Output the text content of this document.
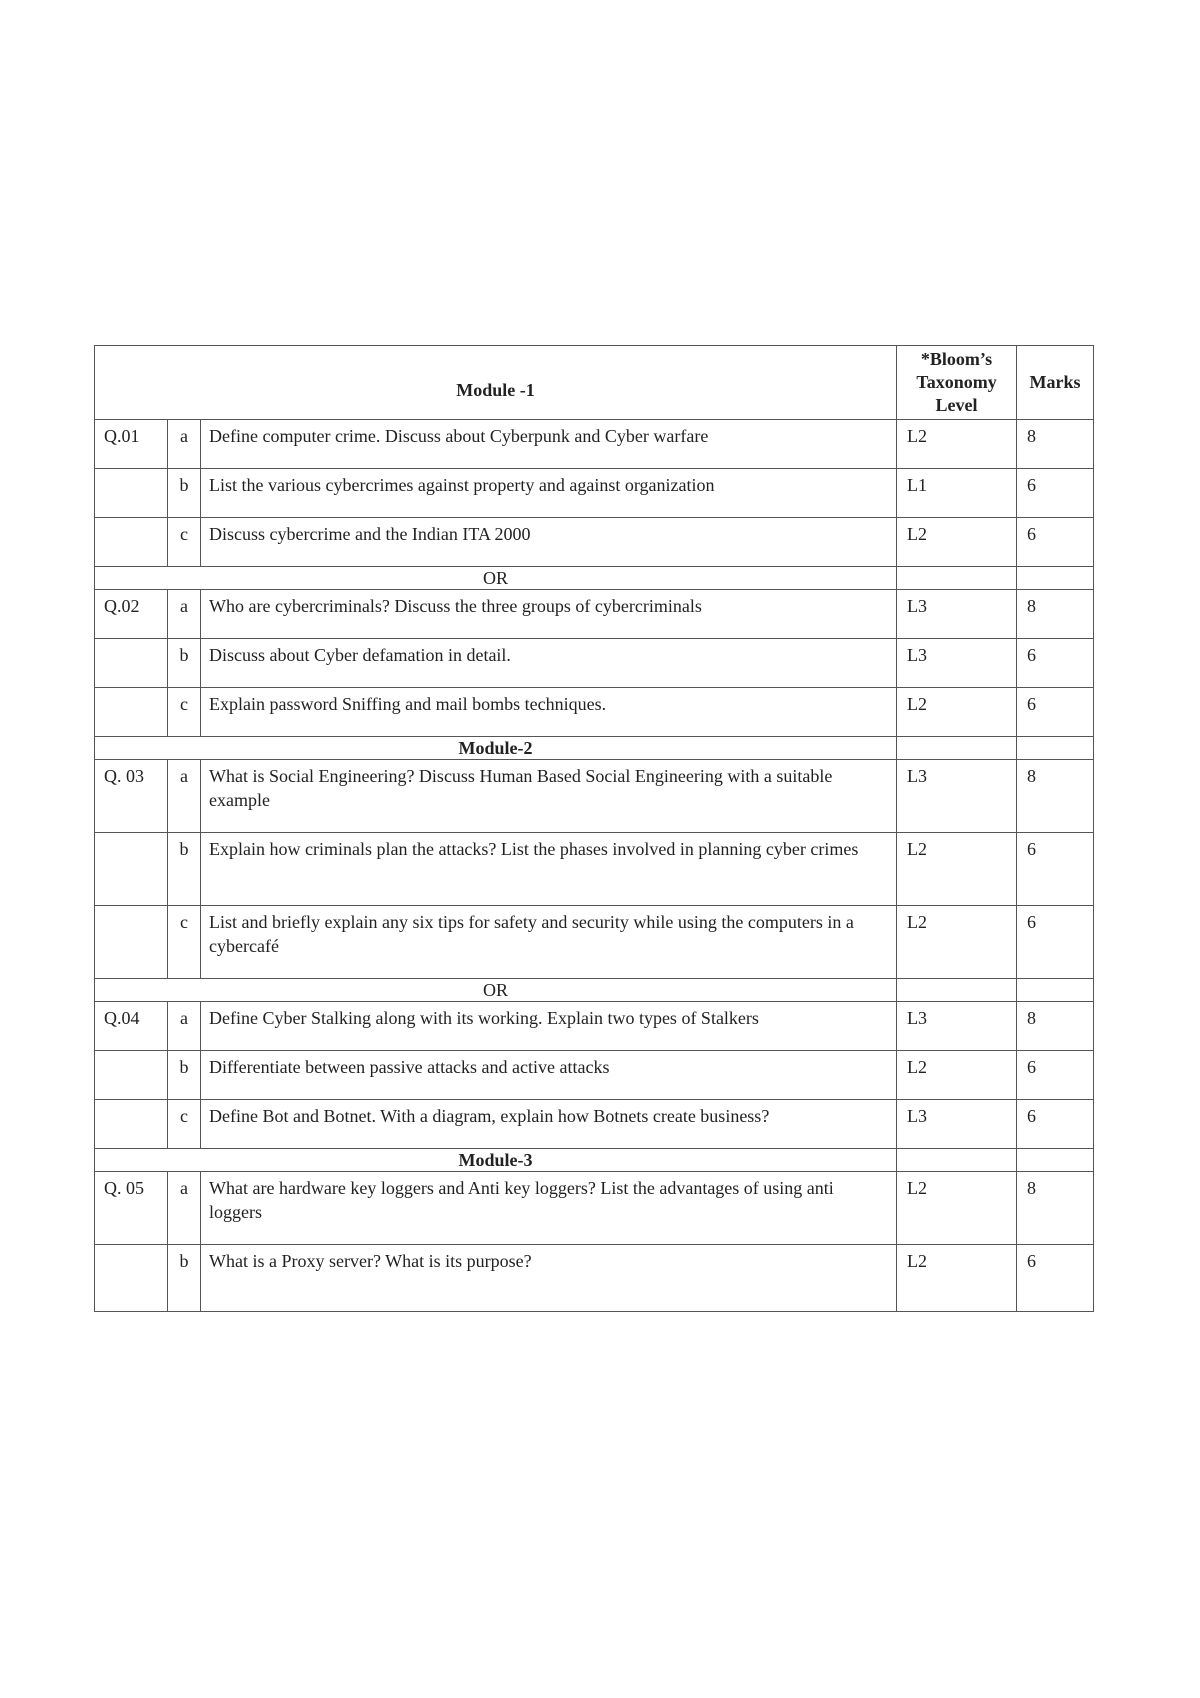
Module -1			*Bloom’s Taxonomy Level	Marks
Q.01	a	Define computer crime. Discuss about Cyberpunk and Cyber warfare	L2	8
	b	List the various cybercrimes against property and against organization	L1	6
	c	Discuss cybercrime and the Indian ITA 2000	L2	6
OR				
Q.02	a	Who are cybercriminals? Discuss the three groups of cybercriminals	L3	8
	b	Discuss about Cyber defamation in detail.	L3	6
	c	Explain password Sniffing and mail bombs techniques.	L2	6
Module-2				
Q. 03	a	What is Social Engineering? Discuss Human Based Social Engineering with a suitable example	L3	8
	b	Explain how criminals plan the attacks? List the phases involved in planning cyber crimes	L2	6
	c	List and briefly explain any six tips for safety and security while using the computers in a cybercafé	L2	6
OR				
Q.04	a	Define Cyber Stalking along with its working. Explain two types of Stalkers	L3	8
	b	Differentiate between passive attacks and active attacks	L2	6
	c	Define Bot and Botnet. With a diagram, explain how Botnets create business?	L3	6
Module-3				
Q. 05	a	What are hardware key loggers and Anti key loggers? List the advantages of using anti loggers	L2	8
	b	What is a Proxy server? What is its purpose?	L2	6
